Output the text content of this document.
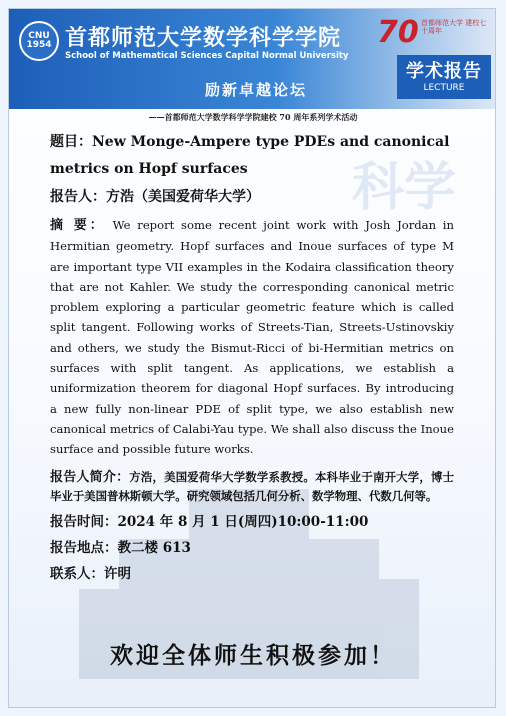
CNU 1954 首都师范大学数学科学学院
School of Mathematical Sciences Capital Normal University
励新卓越论坛
70 首都师范大学 建校七十周年
学术报告
LECTURE
——首都师范大学数学科学学院建校 70 周年系列学术活动
科学
题目：New Monge-Ampere type PDEs and canonical
metrics on Hopf surfaces
报告人：方浩（美国爱荷华大学）
摘 要： We report some recent joint work with Josh Jordan in Hermitian geometry. Hopf surfaces and Inoue surfaces of type M are important type VII examples in the Kodaira classification theory that are not Kahler. We study the corresponding canonical metric problem exploring a particular geometric feature which is called split tangent. Following works of Streets-Tian, Streets-Ustinovskiy and others, we study the Bismut-Ricci of bi-Hermitian metrics on surfaces with split tangent. As applications, we establish a uniformization theorem for diagonal Hopf surfaces. By introducing a new fully non-linear PDE of split type, we also establish new canonical metrics of Calabi-Yau type. We shall also discuss the Inoue surface and possible future works.
报告人简介：方浩，美国爱荷华大学数学系教授。本科毕业于南开大学，博士毕业于美国普林斯顿大学。研究领域包括几何分析、数学物理、代数几何等。
报告时间：2024 年 8 月 1 日(周四)10:00-11:00
报告地点：教二楼 613
联系人：许明
欢迎全体师生积极参加！
